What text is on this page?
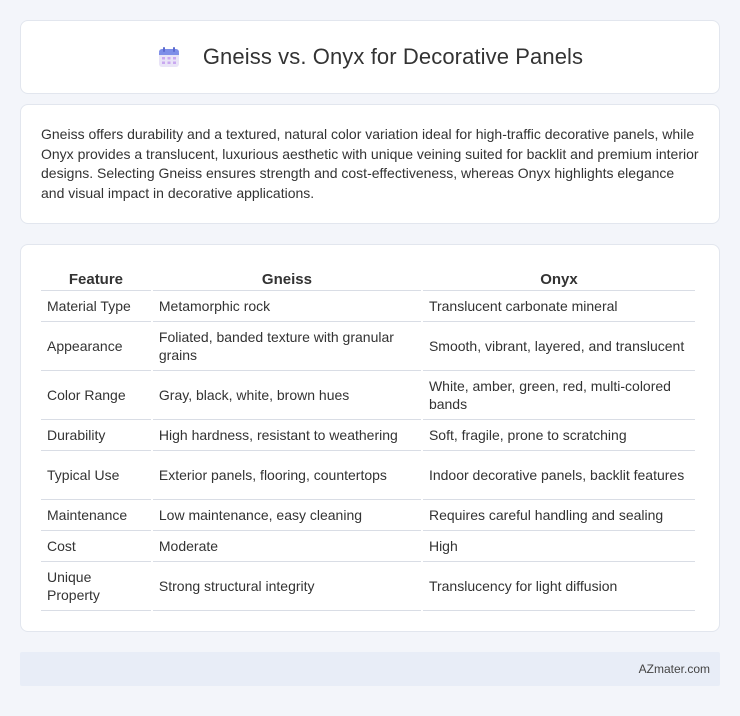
Gneiss vs. Onyx for Decorative Panels

Gneiss offers durability and a textured, natural color variation ideal for high-traffic decorative panels, while Onyx provides a translucent, luxurious aesthetic with unique veining suited for backlit and premium interior designs. Selecting Gneiss ensures strength and cost-effectiveness, whereas Onyx highlights elegance and visual impact in decorative applications.

Feature	Gneiss	Onyx
Material Type	Metamorphic rock	Translucent carbonate mineral
Appearance	Foliated, banded texture with granular grains	Smooth, vibrant, layered, and translucent
Color Range	Gray, black, white, brown hues	White, amber, green, red, multi-colored bands
Durability	High hardness, resistant to weathering	Soft, fragile, prone to scratching
Typical Use	Exterior panels, flooring, countertops	Indoor decorative panels, backlit features
Maintenance	Low maintenance, easy cleaning	Requires careful handling and sealing
Cost	Moderate	High
Unique Property	Strong structural integrity	Translucency for light diffusion
AZmater.com
